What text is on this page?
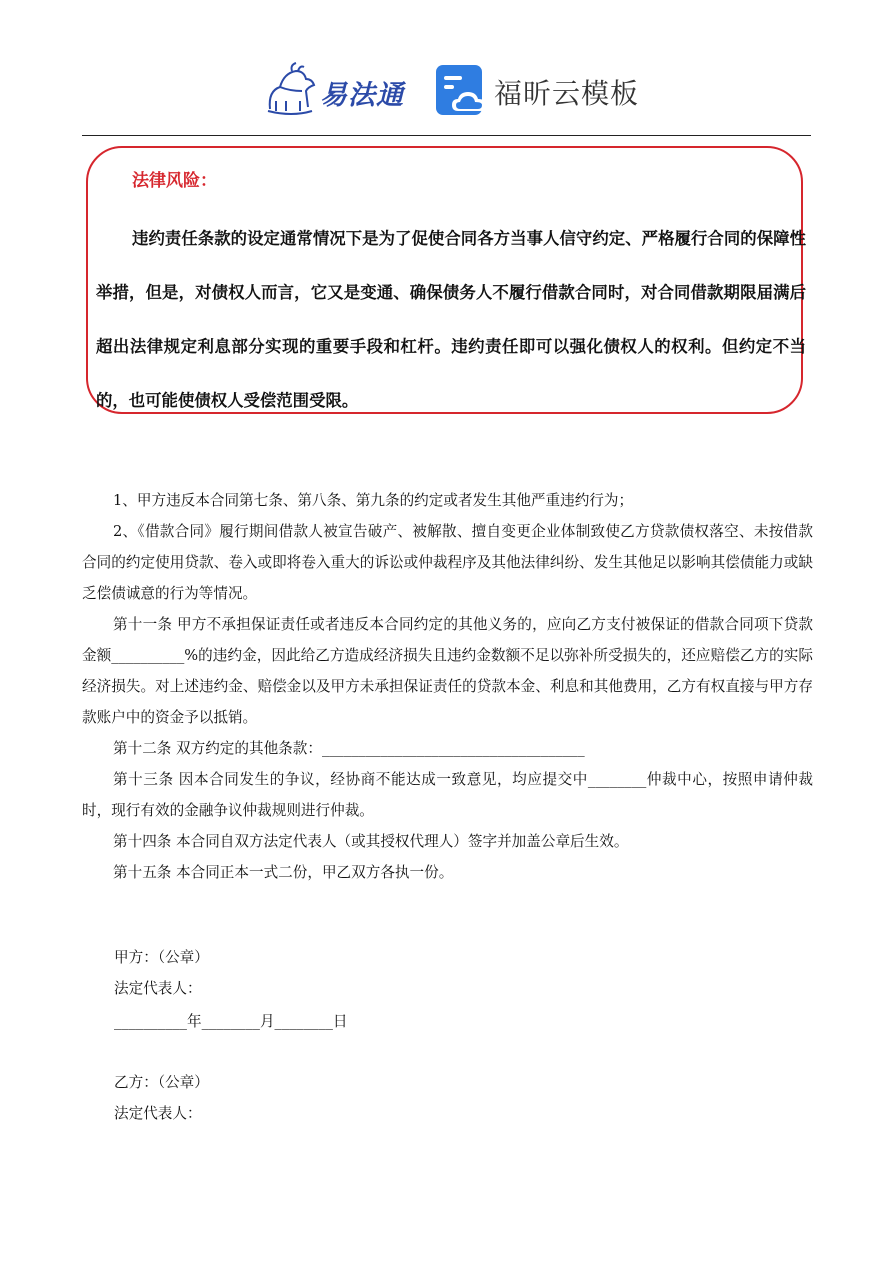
易法通	福昕云模板
法律风险：
违约责任条款的设定通常情况下是为了促使合同各方当事人信守约定、严格履行合同的保障性举措，但是，对债权人而言，它又是变通、确保债务人不履行借款合同时，对合同借款期限届满后超出法律规定利息部分实现的重要手段和杠杆。违约责任即可以强化债权人的权利。但约定不当的，也可能使债权人受偿范围受限。

1、甲方违反本合同第七条、第八条、第九条的约定或者发生其他严重违约行为；

2、《借款合同》履行期间借款人被宣告破产、被解散、擅自变更企业体制致使乙方贷款债权落空、未按借款合同的约定使用贷款、卷入或即将卷入重大的诉讼或仲裁程序及其他法律纠纷、发生其他足以影响其偿债能力或缺乏偿债诚意的行为等情况。

第十一条 甲方不承担保证责任或者违反本合同约定的其他义务的，应向乙方支付被保证的借款合同项下贷款金额__________%的违约金，因此给乙方造成经济损失且违约金数额不足以弥补所受损失的，还应赔偿乙方的实际经济损失。对上述违约金、赔偿金以及甲方未承担保证责任的贷款本金、利息和其他费用，乙方有权直接与甲方存款账户中的资金予以抵销。

第十二条 双方约定的其他条款：____________________________________

第十三条 因本合同发生的争议，经协商不能达成一致意见，均应提交中________仲裁中心，按照申请仲裁时，现行有效的金融争议仲裁规则进行仲裁。

第十四条 本合同自双方法定代表人（或其授权代理人）签字并加盖公章后生效。

第十五条 本合同正本一式二份，甲乙双方各执一份。

甲方：（公章）
法定代表人：
__________年________月________日
乙方：（公章）
法定代表人：
